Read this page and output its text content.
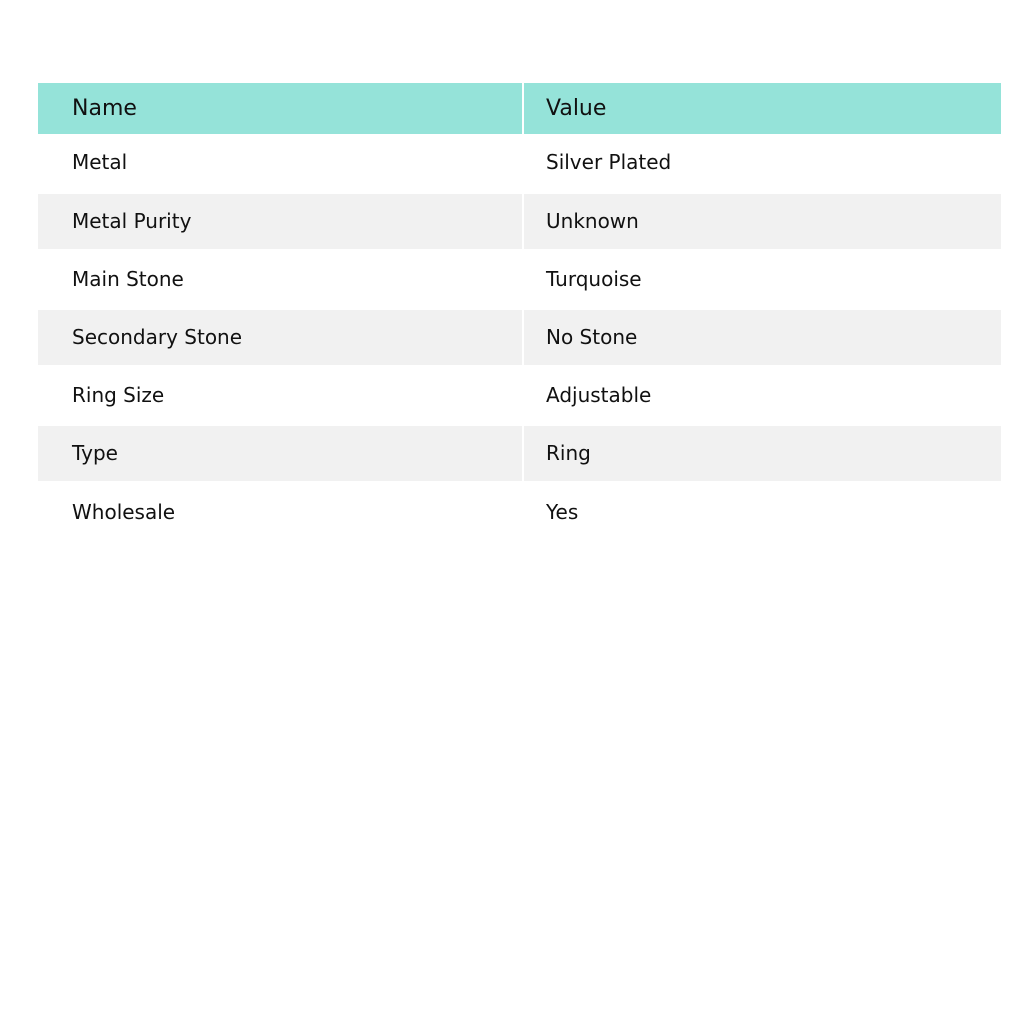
Name	Value
Metal	Silver Plated
Metal Purity	Unknown
Main Stone	Turquoise
Secondary Stone	No Stone
Ring Size	Adjustable
Type	Ring
Wholesale	Yes
